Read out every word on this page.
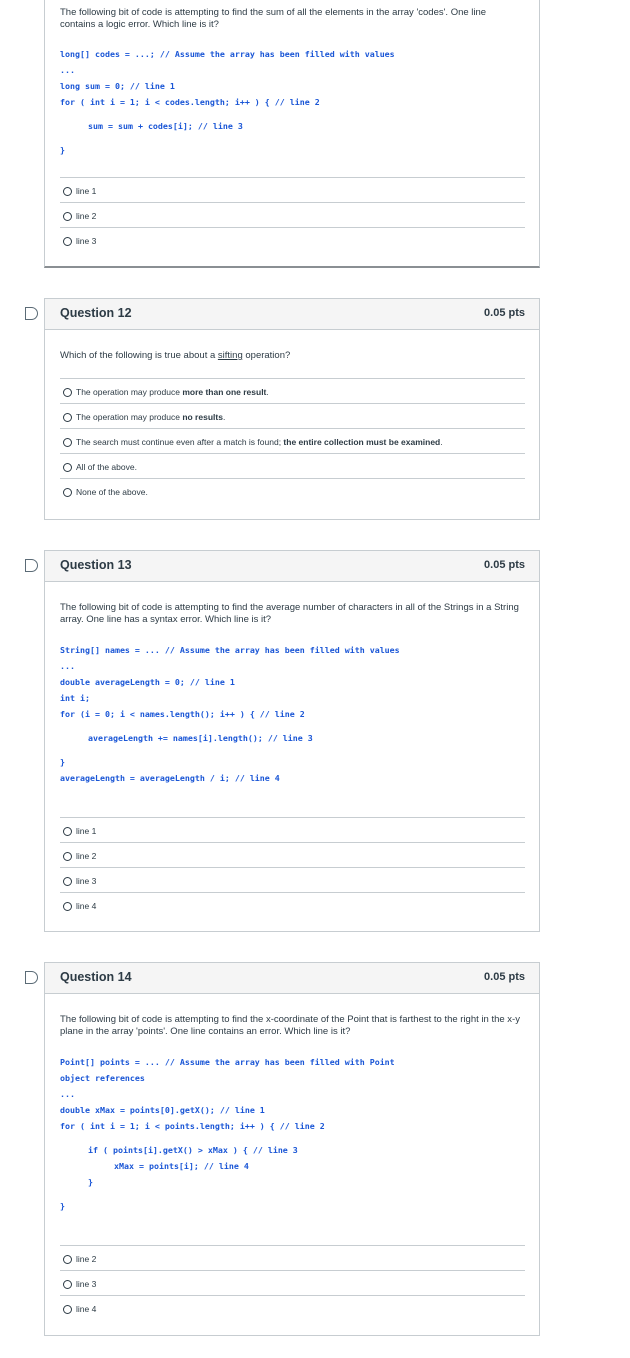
The following bit of code is attempting to find the sum of all the elements in the array 'codes'. One line contains a logic error. Which line is it?
long[] codes = ...; // Assume the array has been filled with values
...
long sum = 0; // line 1
for ( int i = 1; i < codes.length; i++ ) { // line 2
sum = sum + codes[i]; // line 3
}
line 1
line 2
line 3
Question 12	0.05 pts
Which of the following is true about a sifting operation?
The operation may produce more than one result.
The operation may produce no results.
The search must continue even after a match is found; the entire collection must be examined.
All of the above.
None of the above.
Question 13	0.05 pts
The following bit of code is attempting to find the average number of characters in all of the Strings in a String array. One line has a syntax error. Which line is it?
String[] names = ... // Assume the array has been filled with values
...
double averageLength = 0; // line 1
int i;
for (i = 0; i < names.length(); i++ ) { // line 2
averageLength += names[i].length(); // line 3
}
averageLength = averageLength / i; // line 4
line 1
line 2
line 3
line 4
Question 14	0.05 pts
The following bit of code is attempting to find the x-coordinate of the Point that is farthest to the right in the x-y plane in the array 'points'. One line contains an error. Which line is it?
Point[] points = ... // Assume the array has been filled with Point
object references
...
double xMax = points[0].getX(); // line 1
for ( int i = 1; i < points.length; i++ ) { // line 2
if ( points[i].getX() > xMax ) { // line 3
xMax = points[i]; // line 4
}
}
line 2
line 3
line 4
